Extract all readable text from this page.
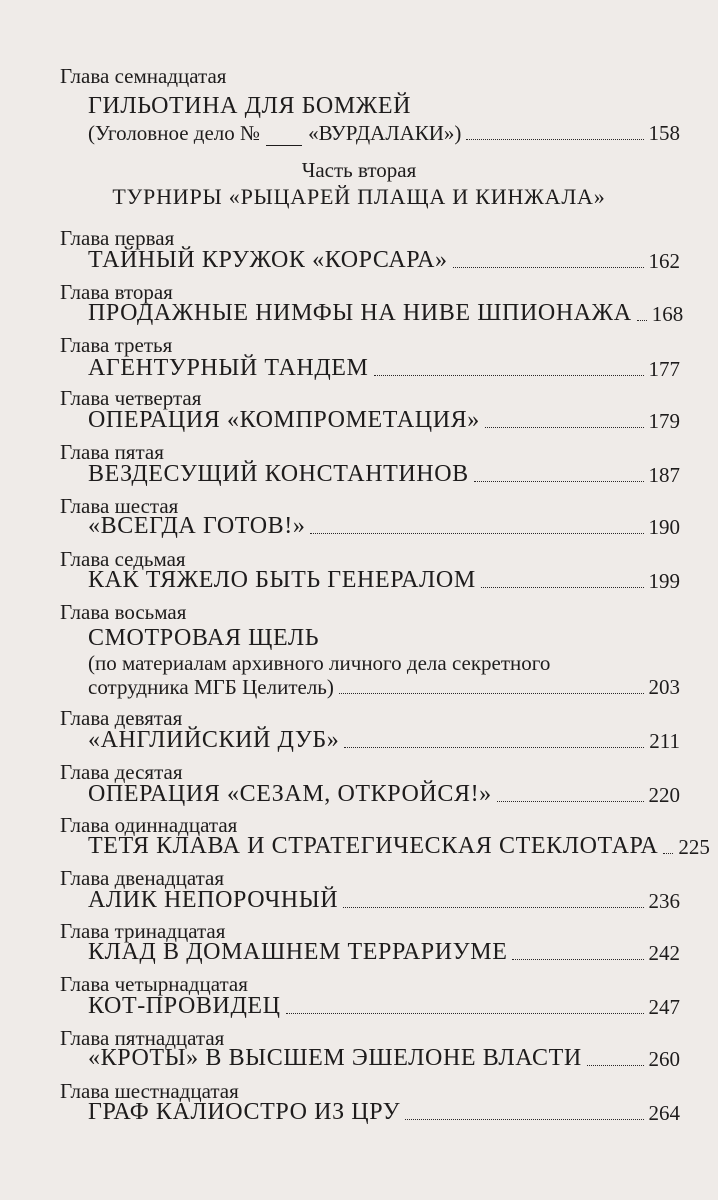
Глава семнадцатая
ГИЛЬОТИНА ДЛЯ БОМЖЕЙ
(Уголовное дело № «ВУРДАЛАКИ»)	158
Часть вторая
ТУРНИРЫ «РЫЦАРЕЙ ПЛАЩА И КИНЖАЛА»
Глава первая
ТАЙНЫЙ КРУЖОК «КОРСАРА»	162
Глава вторая
ПРОДАЖНЫЕ НИМФЫ НА НИВЕ ШПИОНАЖА 168
Глава третья
АГЕНТУРНЫЙ ТАНДЕМ	177
Глава четвертая
ОПЕРАЦИЯ «КОМПРОМЕТАЦИЯ»	179
Глава пятая
ВЕЗДЕСУЩИЙ КОНСТАНТИНОВ	187
Глава шестая
«ВСЕГДА ГОТОВ!»	190
Глава седьмая
КАК ТЯЖЕЛО БЫТЬ ГЕНЕРАЛОМ	199
Глава восьмая
СМОТРОВАЯ ЩЕЛЬ
(по материалам архивного личного дела секретного
сотрудника МГБ Целитель)	203
Глава девятая
«АНГЛИЙСКИЙ ДУБ»	211
Глава десятая
ОПЕРАЦИЯ «СЕЗАМ, ОТКРОЙСЯ!»	220
Глава одиннадцатая
ТЕТЯ КЛАВА И СТРАТЕГИЧЕСКАЯ СТЕКЛОТАРА 225
Глава двенадцатая
АЛИК НЕПОРОЧНЫЙ	236
Глава тринадцатая
КЛАД В ДОМАШНЕМ ТЕРРАРИУМЕ	242
Глава четырнадцатая
КОТ-ПРОВИДЕЦ	247
Глава пятнадцатая
«КРОТЫ» В ВЫСШЕМ ЭШЕЛОНЕ ВЛАСТИ	260
Глава шестнадцатая
ГРАФ КАЛИОСТРО ИЗ ЦРУ	264
